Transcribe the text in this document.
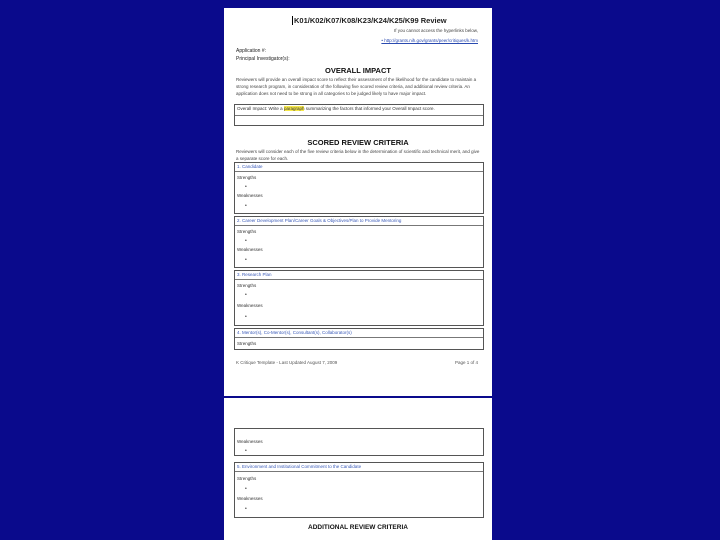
K01/K02/K07/K08/K23/K24/K25/K99 Review
If you cannot access the hyperlinks below,
• http://grants.nih.gov/grants/peer/critiques/k.htm
Application #:
Principal Investigator(s):
OVERALL IMPACT
Reviewers will provide an overall impact score to reflect their assessment of the likelihood for the candidate to maintain a strong research program, in consideration of the following five scored review criteria, and additional review criteria. An application does not need to be strong in all categories to be judged likely to have major impact.
Overall Impact: Write a paragraph summarizing the factors that informed your Overall Impact score.
SCORED REVIEW CRITERIA
Reviewers will consider each of the five review criteria below in the determination of scientific and technical merit, and give a separate score for each.
1. Candidate
Strengths
•
Weaknesses
•
2. Career Development Plan/Career Goals & Objectives/Plan to Provide Mentoring
Strengths
•
Weaknesses
•
3. Research Plan
Strengths
•
Weaknesses
•
4. Mentor(s), Co-Mentor(s), Consultant(s), Collaborator(s)
Strengths
K Critique Template - Last Updated August 7, 2009	Page 1 of 4
Weaknesses
•
5. Environment and Institutional Commitment to the Candidate
Strengths
•
Weaknesses
•
ADDITIONAL REVIEW CRITERIA
